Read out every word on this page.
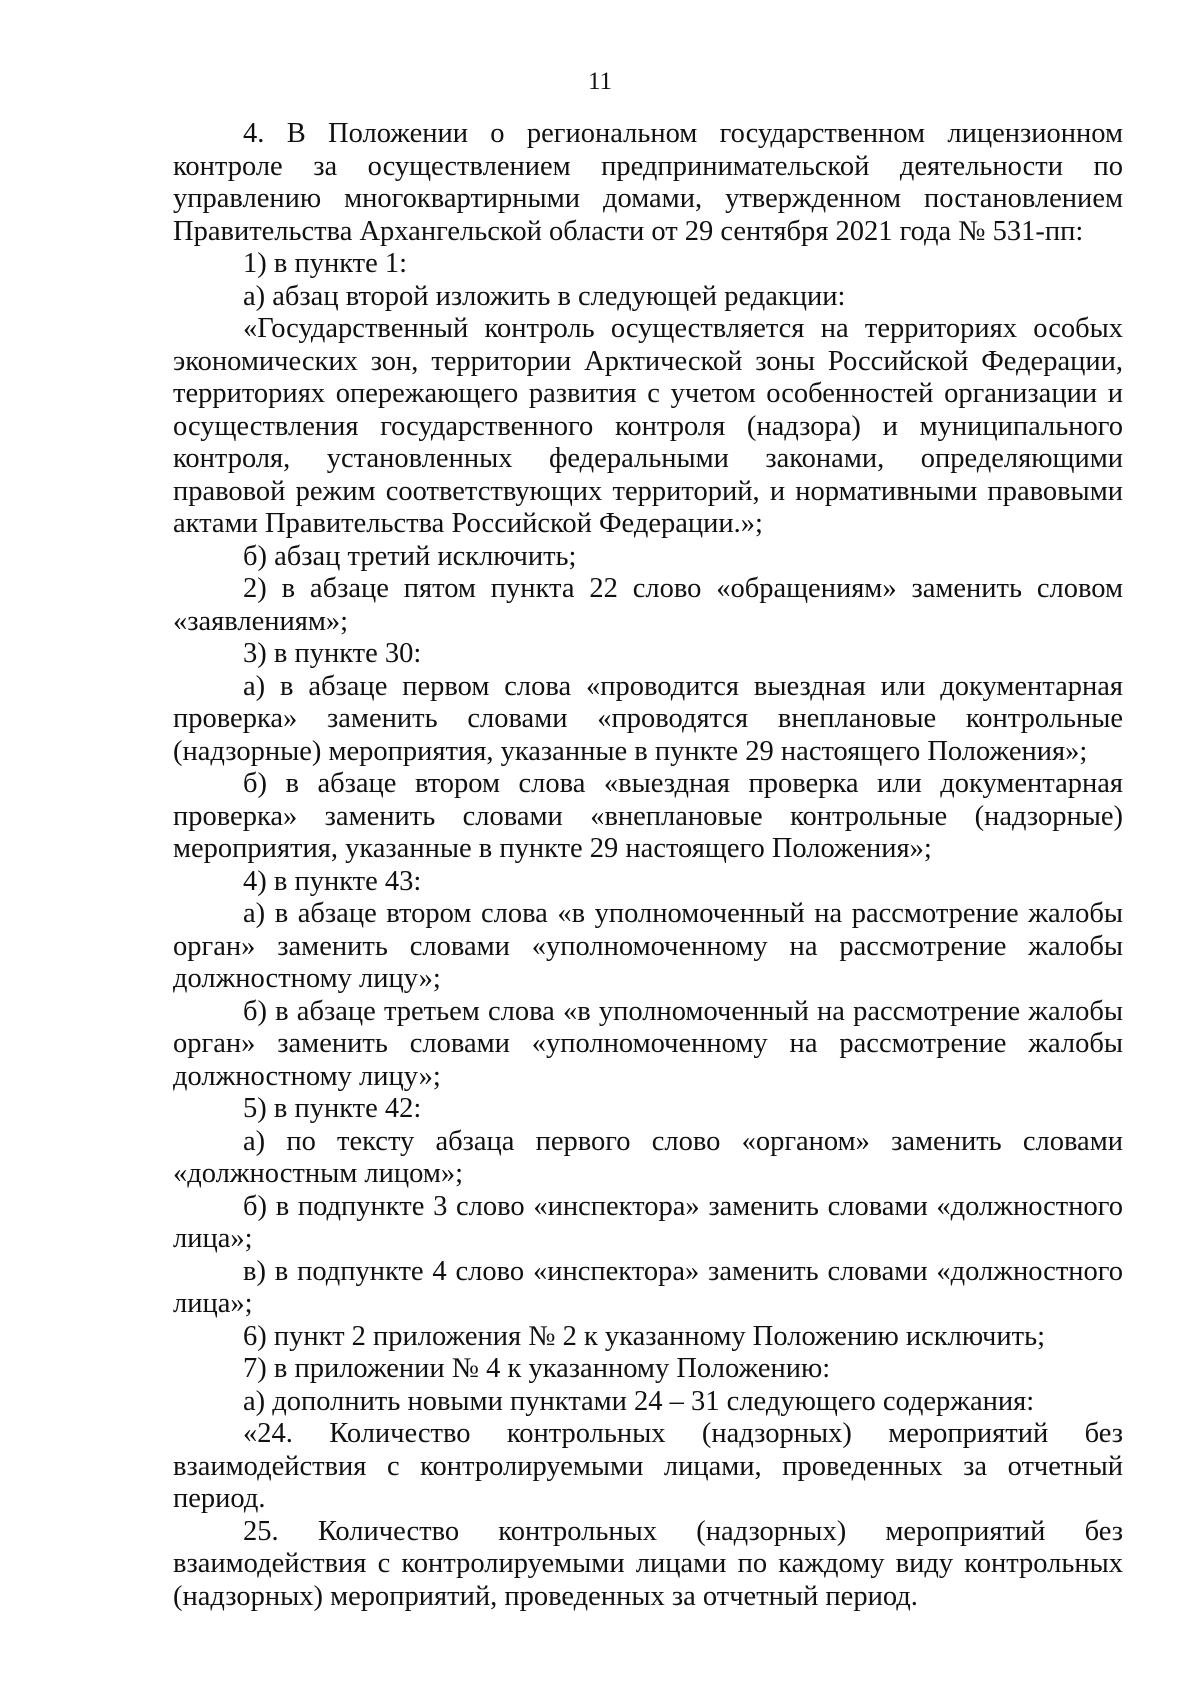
11

4. В Положении о региональном государственном лицензионном контроле за осуществлением предпринимательской деятельности по управлению многоквартирными домами, утвержденном постановлением Правительства Архангельской области от 29 сентября 2021 года № 531-пп:

1) в пункте 1:

а) абзац второй изложить в следующей редакции:

«Государственный контроль осуществляется на территориях особых экономических зон, территории Арктической зоны Российской Федерации, территориях опережающего развития с учетом особенностей организации и осуществления государственного контроля (надзора) и муниципального контроля, установленных федеральными законами, определяющими правовой режим соответствующих территорий, и нормативными правовыми актами Правительства Российской Федерации.»;

б) абзац третий исключить;

2) в абзаце пятом пункта 22 слово «обращениям» заменить словом «заявлениям»;

3) в пункте 30:

а) в абзаце первом слова «проводится выездная или документарная проверка» заменить словами «проводятся внеплановые контрольные (надзорные) мероприятия, указанные в пункте 29 настоящего Положения»;

б) в абзаце втором слова «выездная проверка или документарная проверка» заменить словами «внеплановые контрольные (надзорные) мероприятия, указанные в пункте 29 настоящего Положения»;

4) в пункте 43:

а) в абзаце втором слова «в уполномоченный на рассмотрение жалобы орган» заменить словами «уполномоченному на рассмотрение жалобы должностному лицу»;

б) в абзаце третьем слова «в уполномоченный на рассмотрение жалобы орган» заменить словами «уполномоченному на рассмотрение жалобы должностному лицу»;

5) в пункте 42:

а) по тексту абзаца первого слово «органом» заменить словами «должностным лицом»;

б) в подпункте 3 слово «инспектора» заменить словами «должностного лица»;

в) в подпункте 4 слово «инспектора» заменить словами «должностного лица»;

6) пункт 2 приложения № 2 к указанному Положению исключить;

7) в приложении № 4 к указанному Положению:

а) дополнить новыми пунктами 24 – 31 следующего содержания:

«24. Количество контрольных (надзорных) мероприятий без взаимодействия с контролируемыми лицами, проведенных за отчетный период.

25. Количество контрольных (надзорных) мероприятий без взаимодействия с контролируемыми лицами по каждому виду контрольных (надзорных) мероприятий, проведенных за отчетный период.
